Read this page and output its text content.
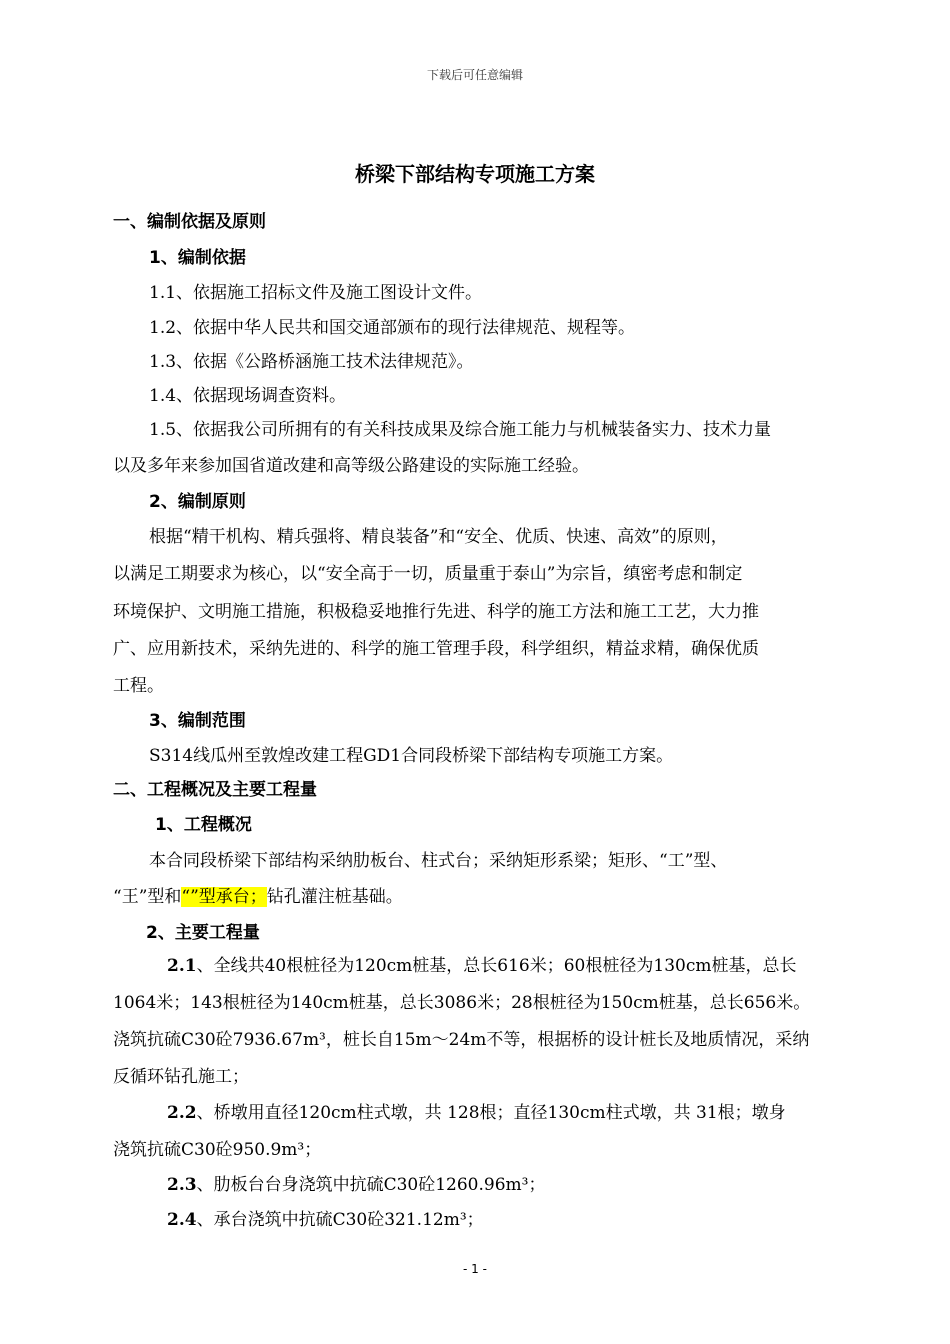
下载后可任意编辑
桥梁下部结构专项施工方案
一、编制依据及原则
1、编制依据
1.1、依据施工招标文件及施工图设计文件。
1.2、依据中华人民共和国交通部颁布的现行法律规范、规程等。
1.3、依据《公路桥涵施工技术法律规范》。
1.4、依据现场调查资料。
1.5、依据我公司所拥有的有关科技成果及综合施工能力与机械装备实力、技术力量
以及多年来参加国省道改建和高等级公路建设的实际施工经验。
2、编制原则
根据“精干机构、精兵强将、精良装备”和“安全、优质、快速、高效”的原则，
以满足工期要求为核心，以“安全高于一切，质量重于泰山”为宗旨，缜密考虑和制定
环境保护、文明施工措施，积极稳妥地推行先进、科学的施工方法和施工工艺，大力推
广、应用新技术，采纳先进的、科学的施工管理手段，科学组织，精益求精，确保优质
工程。
3、编制范围
S314线瓜州至敦煌改建工程GD1合同段桥梁下部结构专项施工方案。
二、工程概况及主要工程量
1、工程概况
本合同段桥梁下部结构采纳肋板台、柱式台；采纳矩形系梁；矩形、“工”型、
“王”型和“”型承台；钻孔灌注桩基础。
2、主要工程量
2.1、全线共40根桩径为120cm桩基，总长616米；60根桩径为130cm桩基，总长
1064米；143根桩径为140cm桩基，总长3086米；28根桩径为150cm桩基，总长656米。
浇筑抗硫C30砼7936.67m³，桩长自15m～24m不等，根据桥的设计桩长及地质情况，采纳
反循环钻孔施工；
2.2、桥墩用直径120cm柱式墩，共 128根；直径130cm柱式墩，共 31根；墩身
浇筑抗硫C30砼950.9m³；
2.3、肋板台台身浇筑中抗硫C30砼1260.96m³；
2.4、承台浇筑中抗硫C30砼321.12m³；
- 1 -
